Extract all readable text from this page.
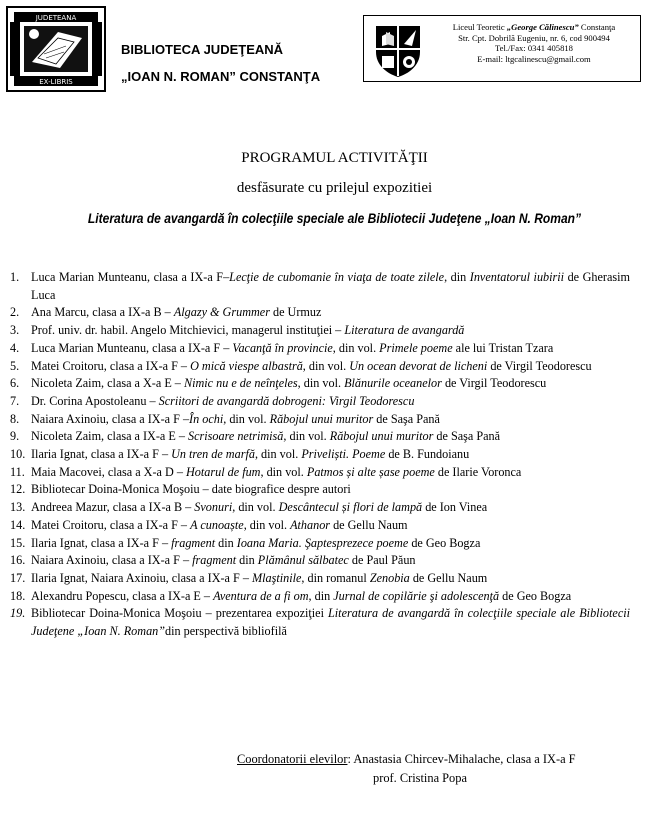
JUDETEANA
EX-LIBRIS
BIBLIOTECA JUDEŢEANĂ
„IOAN N. ROMAN” CONSTANŢA
Liceul Teoretic „George Călinescu” Constanţa
Str. Cpt. Dobrilă Eugeniu, nr. 6, cod 900494
Tel./Fax: 0341 405818
E-mail: ltgcalinescu@gmail.com
PROGRAMUL ACTIVITĂŢII
desfăsurate cu prilejul expozitiei
Literatura de avangardă în colecţiile speciale ale Bibliotecii Judeţene „Ioan N. Roman”
1. Luca Marian Munteanu, clasa a IX-a F–Lecţie de cubomanie în viaţa de toate zilele, din Inventatorul iubirii de Gherasim Luca
2. Ana Marcu, clasa a IX-a B – Algazy & Grummer de Urmuz
3. Prof. univ. dr. habil. Angelo Mitchievici, managerul instituţiei – Literatura de avangardă
4. Luca Marian Munteanu, clasa a IX-a F – Vacanţă în provincie, din vol. Primele poeme ale lui Tristan Tzara
5. Matei Croitoru, clasa a IX-a F – O mică viespe albastră, din vol. Un ocean devorat de licheni de Virgil Teodorescu
6. Nicoleta Zaim, clasa a X-a E – Nimic nu e de neînţeles, din vol. Blănurile oceanelor de Virgil Teodorescu
7. Dr. Corina Apostoleanu – Scriitori de avangardă dobrogeni: Virgil Teodorescu
8. Naiara Axinoiu, clasa a IX-a F –În ochi, din vol. Răbojul unui muritor de Saşa Pană
9. Nicoleta Zaim, clasa a IX-a E – Scrisoare netrimisă, din vol. Răbojul unui muritor de Saşa Pană
10. Ilaria Ignat, clasa a IX-a F – Un tren de marfă, din vol. Priveliști. Poeme de B. Fundoianu
11. Maia Macovei, clasa a X-a D – Hotarul de fum, din vol. Patmos și alte șase poeme de Ilarie Voronca
12. Bibliotecar Doina-Monica Moşoiu – date biografice despre autori
13. Andreea Mazur, clasa a IX-a B – Svonuri, din vol. Descântecul și flori de lampă de Ion Vinea
14. Matei Croitoru, clasa a IX-a F – A cunoaște, din vol. Athanor de Gellu Naum
15. Ilaria Ignat, clasa a IX-a F – fragment din Ioana Maria. Şaptesprezece poeme de Geo Bogza
16. Naiara Axinoiu, clasa a IX-a F – fragment din Plămânul sălbatec de Paul Păun
17. Ilaria Ignat, Naiara Axinoiu, clasa a IX-a F – Mlaştinile, din romanul Zenobia de Gellu Naum
18. Alexandru Popescu, clasa a IX-a E – Aventura de a fi om, din Jurnal de copilărie şi adolescenţă de Geo Bogza
19. Bibliotecar Doina-Monica Moşoiu – prezentarea expoziţiei Literatura de avangardă în colecţiile speciale ale Bibliotecii Judeţene „Ioan N. Roman”din perspectivă bibliofilă
Coordonatorii elevilor: Anastasia Chircev-Mihalache, clasa a IX-a F
prof. Cristina Popa
